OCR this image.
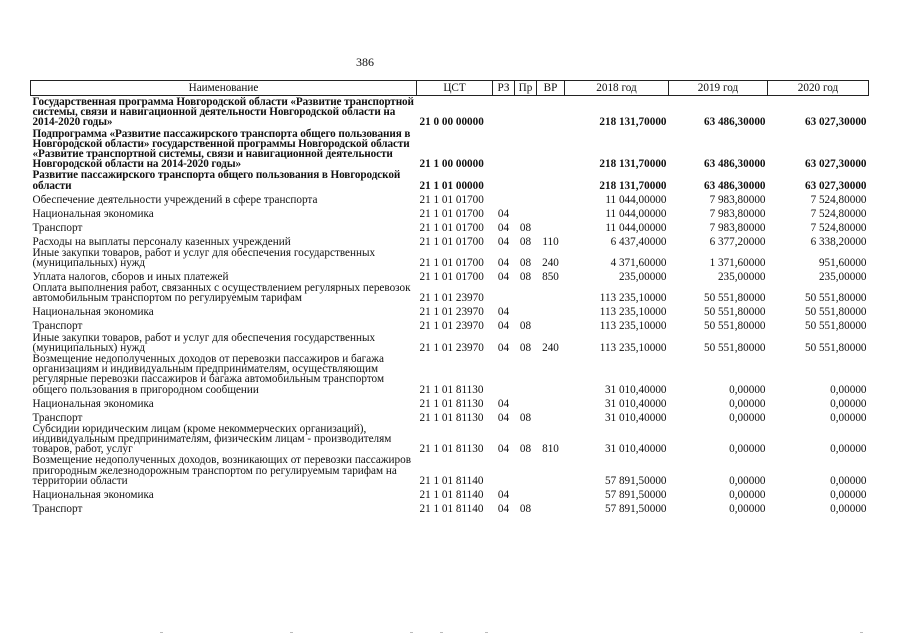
386
Наименование	ЦСТ	РЗ	Пр	ВР	2018 год	2019 год	2020 год
Государственная программа Новгородской области «Развитие транспортной системы, связи и навигационной деятельности Новгородской области на 2014-2020 годы»	21 0 00 00000				218 131,70000	63 486,30000	63 027,30000
Подпрограмма «Развитие пассажирского транспорта общего пользования в Новгородской области» государственной программы Новгородской области «Развитие транспортной системы, связи и навигационной деятельности Новгородской области на 2014-2020 годы»	21 1 00 00000				218 131,70000	63 486,30000	63 027,30000
Развитие пассажирского транспорта общего пользования в Новгородской области	21 1 01 00000				218 131,70000	63 486,30000	63 027,30000
Обеспечение деятельности учреждений в сфере транспорта	21 1 01 01700				11 044,00000	7 983,80000	7 524,80000
Национальная экономика	21 1 01 01700	04			11 044,00000	7 983,80000	7 524,80000
Транспорт	21 1 01 01700	04	08		11 044,00000	7 983,80000	7 524,80000
Расходы на выплаты персоналу казенных учреждений	21 1 01 01700	04	08	110	6 437,40000	6 377,20000	6 338,20000
Иные закупки товаров, работ и услуг для обеспечения государственных (муниципальных) нужд	21 1 01 01700	04	08	240	4 371,60000	1 371,60000	951,60000
Уплата налогов, сборов и иных платежей	21 1 01 01700	04	08	850	235,00000	235,00000	235,00000
Оплата выполнения работ, связанных с осуществлением регулярных перевозок автомобильным транспортом по регулируемым тарифам	21 1 01 23970				113 235,10000	50 551,80000	50 551,80000
Национальная экономика	21 1 01 23970	04			113 235,10000	50 551,80000	50 551,80000
Транспорт	21 1 01 23970	04	08		113 235,10000	50 551,80000	50 551,80000
Иные закупки товаров, работ и услуг для обеспечения государственных (муниципальных) нужд	21 1 01 23970	04	08	240	113 235,10000	50 551,80000	50 551,80000
Возмещение недополученных доходов от перевозки пассажиров и багажа организациям и индивидуальным предпринимателям, осуществляющим регулярные перевозки пассажиров и багажа автомобильным транспортом общего пользования в пригородном сообщении	21 1 01 81130				31 010,40000	0,00000	0,00000
Национальная экономика	21 1 01 81130	04			31 010,40000	0,00000	0,00000
Транспорт	21 1 01 81130	04	08		31 010,40000	0,00000	0,00000
Субсидии юридическим лицам (кроме некоммерческих организаций), индивидуальным предпринимателям, физическим лицам - производителям товаров, работ, услуг	21 1 01 81130	04	08	810	31 010,40000	0,00000	0,00000
Возмещение недополученных доходов, возникающих от перевозки пассажиров пригородным железнодорожным транспортом по регулируемым тарифам на территории области	21 1 01 81140				57 891,50000	0,00000	0,00000
Национальная экономика	21 1 01 81140	04			57 891,50000	0,00000	0,00000
Транспорт	21 1 01 81140	04	08		57 891,50000	0,00000	0,00000
